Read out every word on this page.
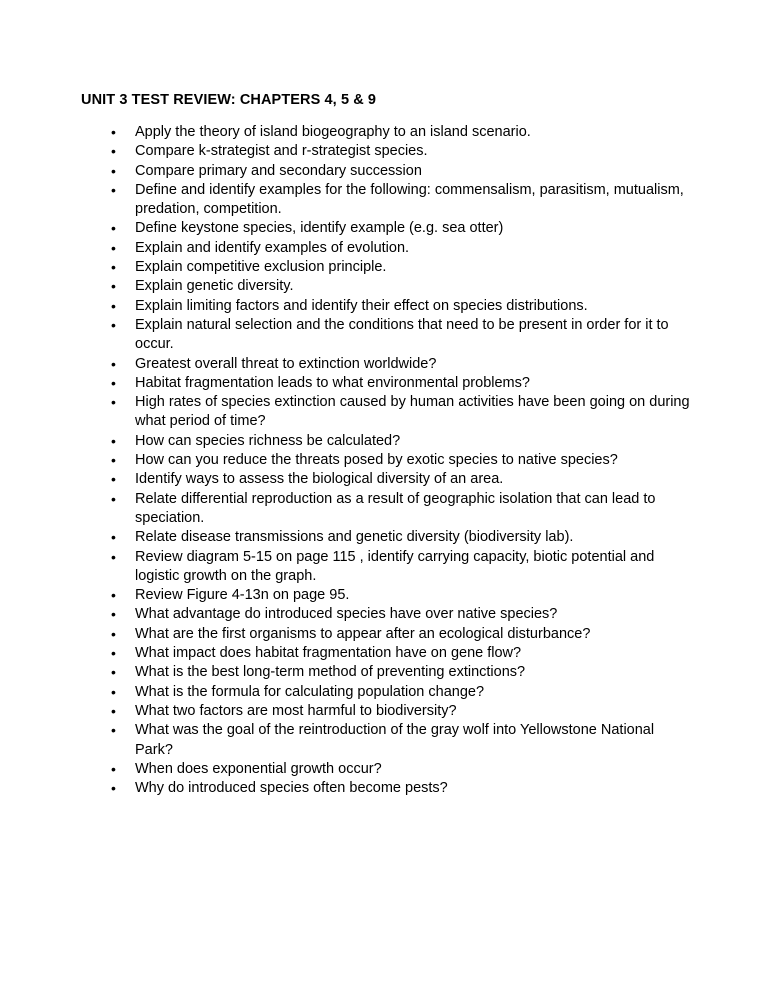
UNIT 3 TEST REVIEW: CHAPTERS 4, 5 & 9
• Apply the theory of island biogeography to an island scenario.
• Compare k-strategist and r-strategist species.
• Compare primary and secondary succession
• Define and identify examples for the following: commensalism, parasitism, mutualism, predation, competition.
• Define keystone species, identify example (e.g. sea otter)
• Explain and identify examples of evolution.
• Explain competitive exclusion principle.
• Explain genetic diversity.
• Explain limiting factors and identify their effect on species distributions.
• Explain natural selection and the conditions that need to be present in order for it to occur.
• Greatest overall threat to extinction worldwide?
• Habitat fragmentation leads to what environmental problems?
• High rates of species extinction caused by human activities have been going on during what period of time?
• How can species richness be calculated?
• How can you reduce the threats posed by exotic species to native species?
• Identify ways to assess the biological diversity of an area.
• Relate differential reproduction as a result of geographic isolation that can lead to speciation.
• Relate disease transmissions and genetic diversity (biodiversity lab).
• Review diagram 5-15 on page 115 , identify carrying capacity, biotic potential and logistic growth on the graph.
• Review Figure 4-13n on page 95.
• What advantage do introduced species have over native species?
• What are the first organisms to appear after an ecological disturbance?
• What impact does habitat fragmentation have on gene flow?
• What is the best long-term method of preventing extinctions?
• What is the formula for calculating population change?
• What two factors are most harmful to biodiversity?
• What was the goal of the reintroduction of the gray wolf into Yellowstone National Park?
• When does exponential growth occur?
• Why do introduced species often become pests?
